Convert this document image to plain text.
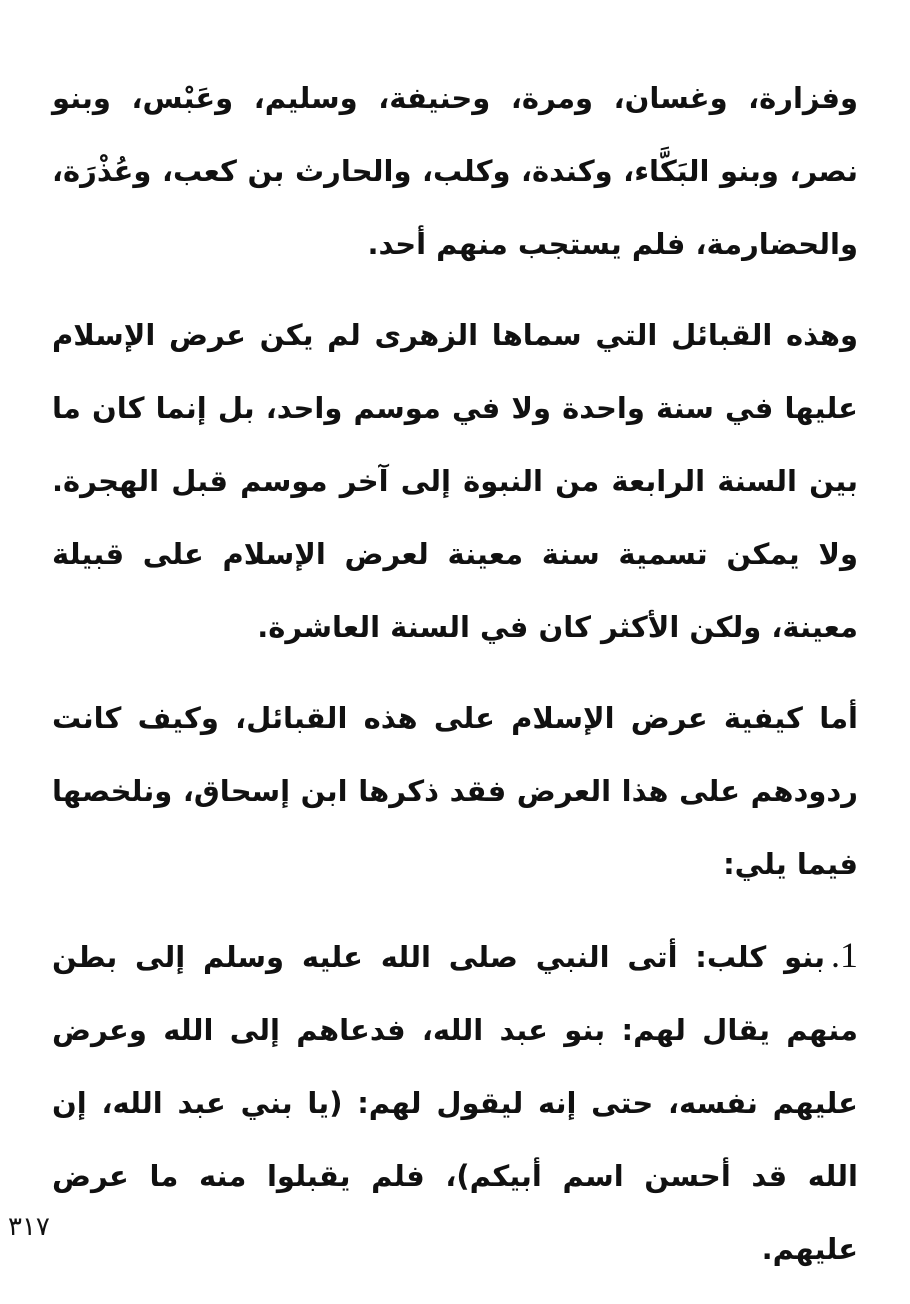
وفزارة، وغسان، ومرة، وحنيفة، وسليم، وعَبْس، وبنو نصر، وبنو البَكَّاء، وكندة، وكلب، والحارث بن كعب، وعُذْرَة، والحضارمة، فلم يستجب منهم أحد.

وهذه القبائل التي سماها الزهرى لم يكن عرض الإسلام عليها في سنة واحدة ولا في موسم واحد، بل إنما كان ما بين السنة الرابعة من النبوة إلى آخر موسم قبل الهجرة. ولا يمكن تسمية سنة معينة لعرض الإسلام على قبيلة معينة، ولكن الأكثر كان في السنة العاشرة.

أما كيفية عرض الإسلام على هذه القبائل، وكيف كانت ردودهم على هذا العرض فقد ذكرها ابن إسحاق، ونلخصها فيما يلي:

1.بنو كلب: أتى النبي صلى الله عليه وسلم إلى بطن منهم يقال لهم: بنو عبد الله، فدعاهم إلى الله وعرض عليهم نفسه، حتى إنه ليقول لهم: (يا بني عبد الله، إن الله قد أحسن اسم أبيكم)، فلم يقبلوا منه ما عرض عليهم.

٣١٧
